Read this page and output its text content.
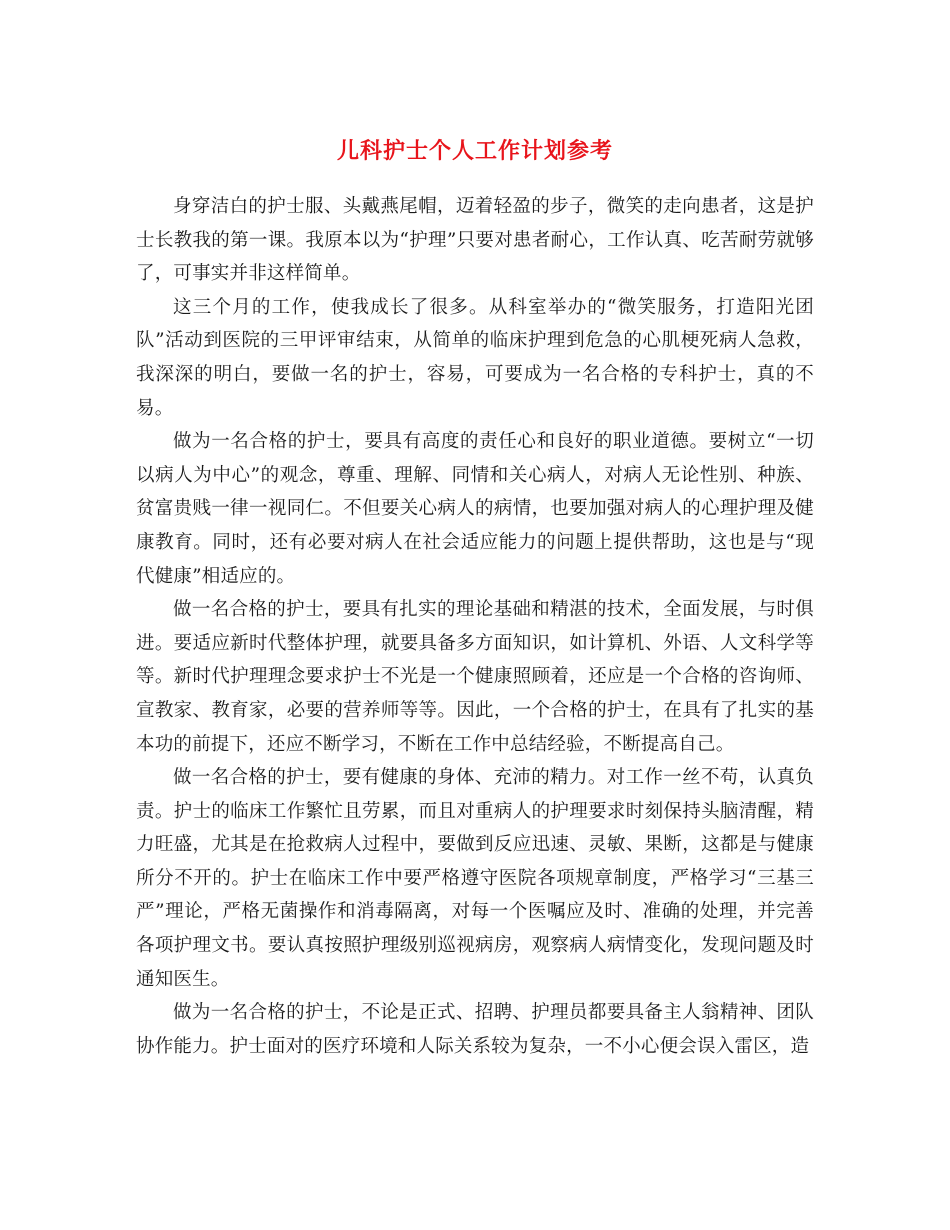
儿科护士个人工作计划参考

身穿洁白的护士服、头戴燕尾帽，迈着轻盈的步子，微笑的走向患者，这是护士长教我的第一课。我原本以为“护理”只要对患者耐心，工作认真、吃苦耐劳就够了，可事实并非这样简单。

这三个月的工作，使我成长了很多。从科室举办的“微笑服务，打造阳光团队”活动到医院的三甲评审结束，从简单的临床护理到危急的心肌梗死病人急救，我深深的明白，要做一名的护士，容易，可要成为一名合格的专科护士，真的不易。

做为一名合格的护士，要具有高度的责任心和良好的职业道德。要树立“一切以病人为中心”的观念，尊重、理解、同情和关心病人，对病人无论性别、种族、贫富贵贱一律一视同仁。不但要关心病人的病情，也要加强对病人的心理护理及健康教育。同时，还有必要对病人在社会适应能力的问题上提供帮助，这也是与“现代健康”相适应的。

做一名合格的护士，要具有扎实的理论基础和精湛的技术，全面发展，与时俱进。要适应新时代整体护理，就要具备多方面知识，如计算机、外语、人文科学等等。新时代护理理念要求护士不光是一个健康照顾着，还应是一个合格的咨询师、宣教家、教育家，必要的营养师等等。因此，一个合格的护士，在具有了扎实的基本功的前提下，还应不断学习，不断在工作中总结经验，不断提高自己。

做一名合格的护士，要有健康的身体、充沛的精力。对工作一丝不苟，认真负责。护士的临床工作繁忙且劳累，而且对重病人的护理要求时刻保持头脑清醒，精力旺盛，尤其是在抢救病人过程中，要做到反应迅速、灵敏、果断，这都是与健康所分不开的。护士在临床工作中要严格遵守医院各项规章制度，严格学习“三基三严”理论，严格无菌操作和消毒隔离，对每一个医嘱应及时、准确的处理，并完善各项护理文书。要认真按照护理级别巡视病房，观察病人病情变化，发现问题及时通知医生。

做为一名合格的护士，不论是正式、招聘、护理员都要具备主人翁精神、团队协作能力。护士面对的医疗环境和人际关系较为复杂，一不小心便会误入雷区，造
